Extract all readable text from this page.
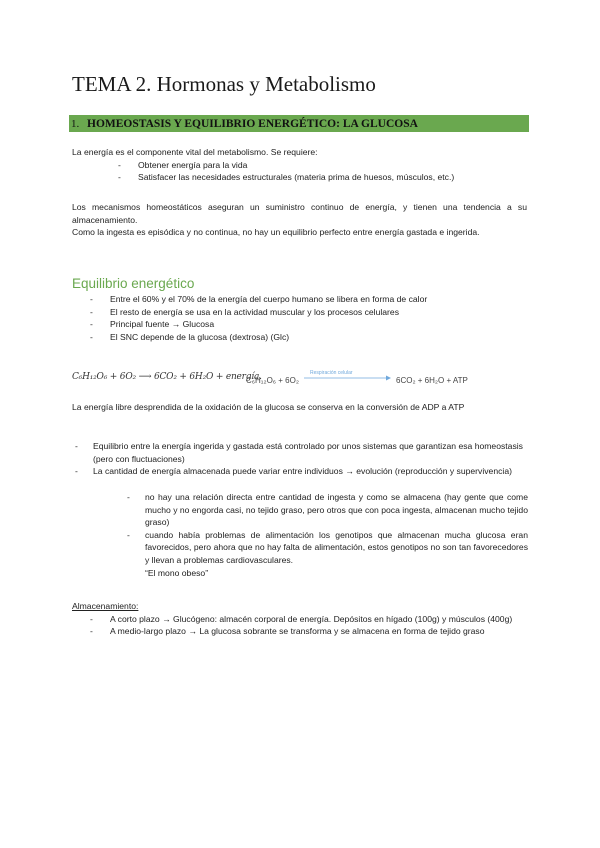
TEMA 2. Hormonas y Metabolismo
1. HOMEOSTASIS Y EQUILIBRIO ENERGÉTICO: LA GLUCOSA

La energía es el componente vital del metabolismo. Se requiere:

- Obtener energía para la vida
- Satisfacer las necesidades estructurales (materia prima de huesos, músculos, etc.)

Los mecanismos homeostáticos aseguran un suministro continuo de energía, y tienen una tendencia a su almacenamiento.

Como la ingesta es episódica y no continua, no hay un equilibrio perfecto entre energía gastada e ingerida.

Equilibrio energético
- Entre el 60% y el 70% de la energía del cuerpo humano se libera en forma de calor
- El resto de energía se usa en la actividad muscular y los procesos celulares
- Principal fuente → Glucosa
- El SNC depende de la glucosa (dextrosa) (Glc)
C₆H₁₂O₆ + 6O₂ ⟶ 6CO₂ + 6H₂O + energía.
C₆H₁₂O₆ + 6O₂
Respiración celular
6CO₂ + 6H₂O + ATP

La energía libre desprendida de la oxidación de la glucosa se conserva en la conversión de ADP a ATP

- Equilibrio entre la energía ingerida y gastada está controlado por unos sistemas que garantizan esa homeostasis (pero con fluctuaciones)
- La cantidad de energía almacenada puede variar entre individuos → evolución (reproducción y supervivencia)
- no hay una relación directa entre cantidad de ingesta y como se almacena (hay gente que come mucho y no engorda casi, no tejido graso, pero otros que con poca ingesta, almacenan mucho tejido graso)
- cuando había problemas de alimentación los genotipos que almacenan mucha glucosa eran favorecidos, pero ahora que no hay falta de alimentación, estos genotipos no son tan favorecedores y llevan a problemas cardiovasculares.

“El mono obeso”

Almacenamiento:

- A corto plazo → Glucógeno: almacén corporal de energía. Depósitos en hígado (100g) y músculos (400g)
- A medio-largo plazo → La glucosa sobrante se transforma y se almacena en forma de tejido graso
